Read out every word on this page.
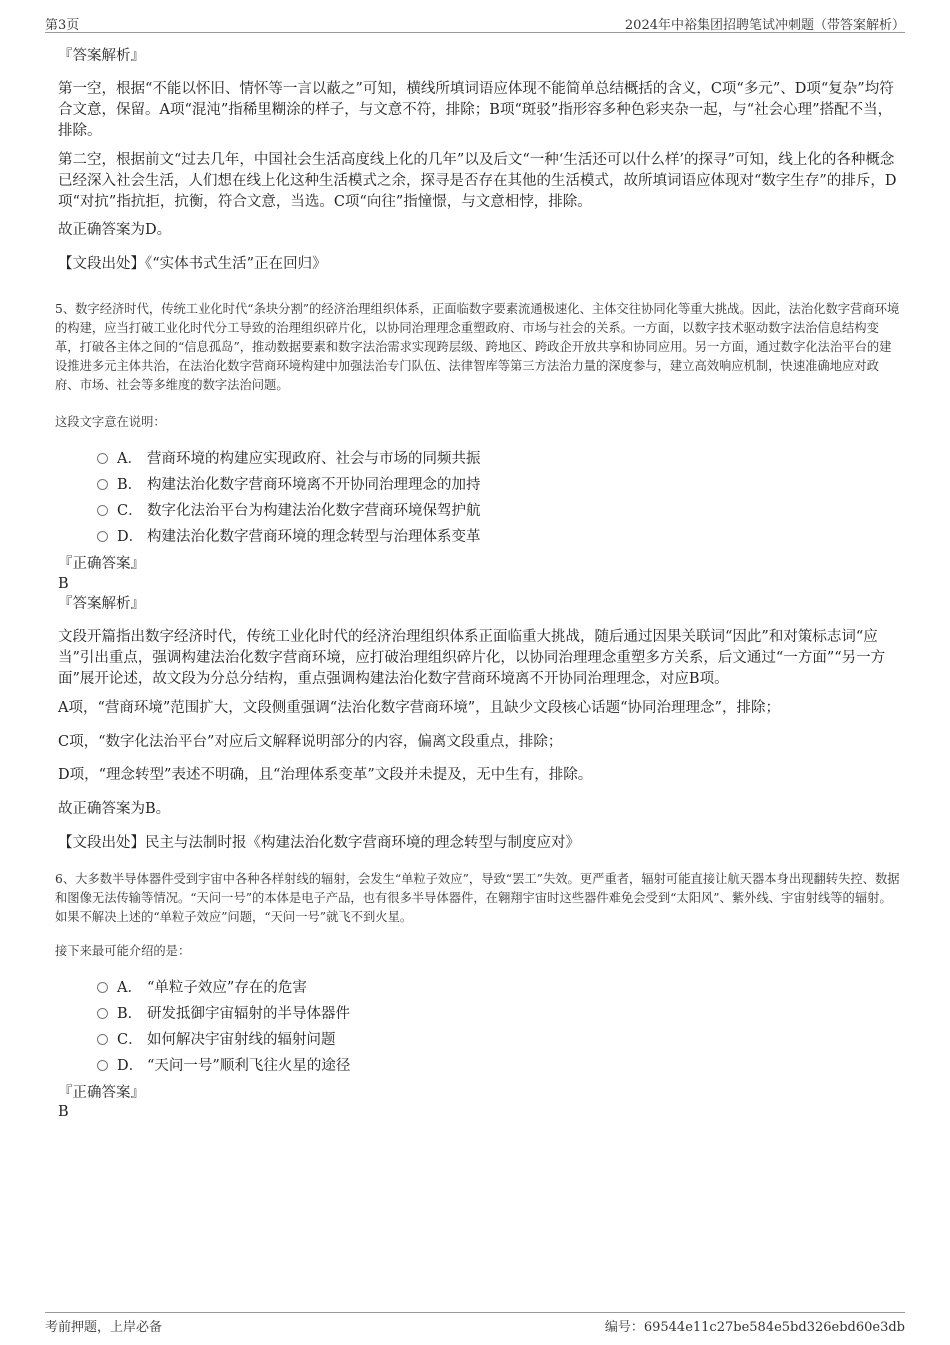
第3页	2024年中裕集团招聘笔试冲刺题（带答案解析）
『答案解析』

第一空，根据“不能以怀旧、情怀等一言以蔽之”可知，横线所填词语应体现不能简单总结概括的含义，C项“多元”、D项“复杂”均符合文意，保留。A项“混沌”指稀里糊涂的样子，与文意不符，排除；B项“斑驳”指形容多种色彩夹杂一起，与“社会心理”搭配不当，排除。

第二空，根据前文“过去几年，中国社会生活高度线上化的几年”以及后文“一种‘生活还可以什么样’的探寻”可知，线上化的各种概念已经深入社会生活，人们想在线上化这种生活模式之余，探寻是否存在其他的生活模式，故所填词语应体现对“数字生存”的排斥，D项“对抗”指抗拒，抗衡，符合文意，当选。C项“向往”指憧憬，与文意相悖，排除。

故正确答案为D。

【文段出处】《“实体书式生活”正在回归》

5、数字经济时代，传统工业化时代“条块分割”的经济治理组织体系，正面临数字要素流通极速化、主体交往协同化等重大挑战。因此，法治化数字营商环境的构建，应当打破工业化时代分工导致的治理组织碎片化，以协同治理理念重塑政府、市场与社会的关系。一方面，以数字技术驱动数字法治信息结构变革，打破各主体之间的“信息孤岛”，推动数据要素和数字法治需求实现跨层级、跨地区、跨政企开放共享和协同应用。另一方面，通过数字化法治平台的建设推进多元主体共治，在法治化数字营商环境构建中加强法治专门队伍、法律智库等第三方法治力量的深度参与，建立高效响应机制，快速准确地应对政府、市场、社会等多维度的数字法治问题。

这段文字意在说明：

A． 营商环境的构建应实现政府、社会与市场的同频共振
B． 构建法治化数字营商环境离不开协同治理理念的加持
C． 数字化法治平台为构建法治化数字营商环境保驾护航
D． 构建法治化数字营商环境的理念转型与治理体系变革
『正确答案』
B
『答案解析』

文段开篇指出数字经济时代，传统工业化时代的经济治理组织体系正面临重大挑战，随后通过因果关联词“因此”和对策标志词“应当”引出重点，强调构建法治化数字营商环境，应打破治理组织碎片化，以协同治理理念重塑多方关系，后文通过“一方面”“另一方面”展开论述，故文段为分总分结构，重点强调构建法治化数字营商环境离不开协同治理理念，对应B项。

A项，“营商环境”范围扩大，文段侧重强调“法治化数字营商环境”，且缺少文段核心话题“协同治理理念”，排除；

C项，“数字化法治平台”对应后文解释说明部分的内容，偏离文段重点，排除；

D项，“理念转型”表述不明确，且“治理体系变革”文段并未提及，无中生有，排除。

故正确答案为B。

【文段出处】民主与法制时报《构建法治化数字营商环境的理念转型与制度应对》

6、大多数半导体器件受到宇宙中各种各样射线的辐射，会发生“单粒子效应”，导致“罢工”失效。更严重者，辐射可能直接让航天器本身出现翻转失控、数据和图像无法传输等情况。“天问一号”的本体是电子产品，也有很多半导体器件，在翱翔宇宙时这些器件难免会受到“太阳风”、紫外线、宇宙射线等的辐射。如果不解决上述的“单粒子效应”问题，“天问一号”就飞不到火星。

接下来最可能介绍的是：

A． “单粒子效应”存在的危害
B． 研发抵御宇宙辐射的半导体器件
C． 如何解决宇宙射线的辐射问题
D． “天问一号”顺利飞往火星的途径
『正确答案』
B
考前押题，上岸必备	编号：69544e11c27be584e5bd326ebd60e3db
